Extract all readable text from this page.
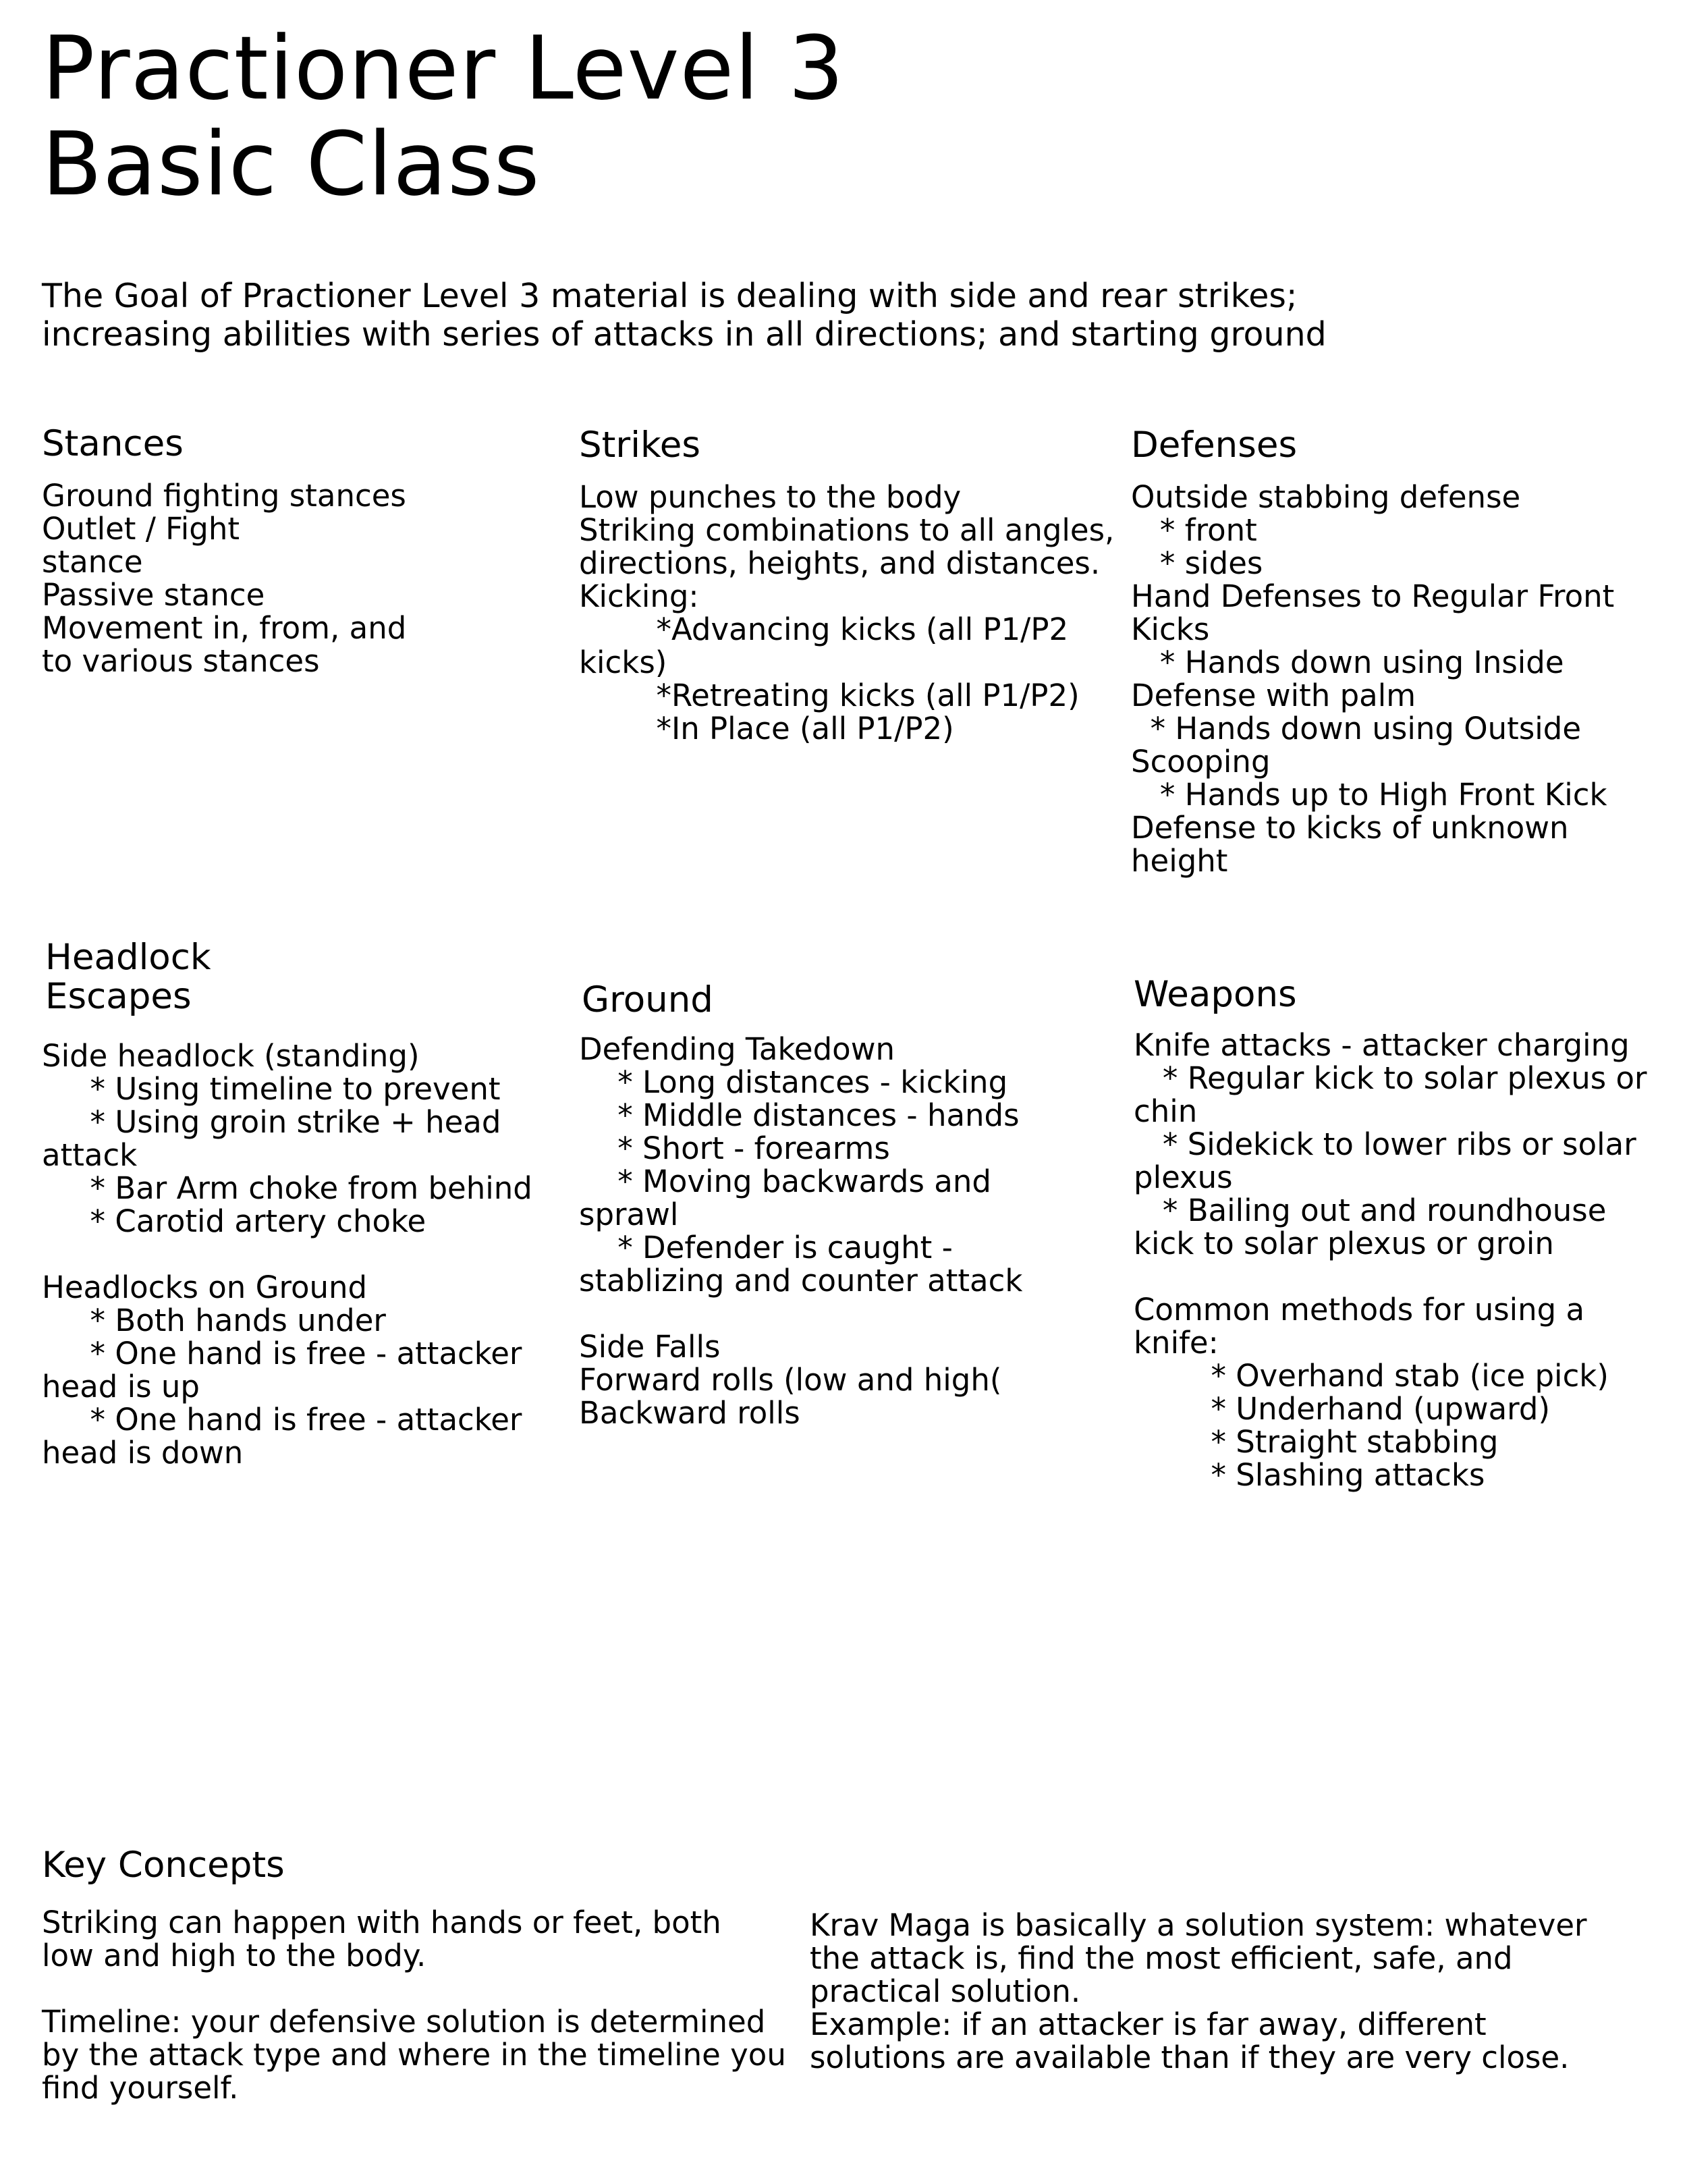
Practioner Level 3
Basic Class
The Goal of Practioner Level 3 material is dealing with side and rear strikes;
increasing abilities with series of attacks in all directions; and starting ground
Stances
Ground fighting stances
Outlet / Fight
stance
Passive stance
Movement in, from, and
to various stances
Strikes
Low punches to the body
Striking combinations to all angles,
directions, heights, and distances.
Kicking:
*Advancing kicks (all P1/P2
kicks)
*Retreating kicks (all P1/P2)
*In Place (all P1/P2)
Defenses
Outside stabbing defense
* front
* sides
Hand Defenses to Regular Front
Kicks
* Hands down using Inside
Defense with palm
* Hands down using Outside
Scooping
* Hands up to High Front Kick
Defense to kicks of unknown
height
Headlock
Escapes
Side headlock (standing)
* Using timeline to prevent
* Using groin strike + head
attack
* Bar Arm choke from behind
* Carotid artery choke
Headlocks on Ground
* Both hands under
* One hand is free - attacker
head is up
* One hand is free - attacker
head is down
Ground
Defending Takedown
* Long distances - kicking
* Middle distances - hands
* Short - forearms
* Moving backwards and
sprawl
* Defender is caught -
stablizing and counter attack
Side Falls
Forward rolls (low and high(
Backward rolls
Weapons
Knife attacks - attacker charging
* Regular kick to solar plexus or
chin
* Sidekick to lower ribs or solar
plexus
* Bailing out and roundhouse
kick to solar plexus or groin
Common methods for using a
knife:
* Overhand stab (ice pick)
* Underhand (upward)
* Straight stabbing
* Slashing attacks
Key Concepts
Striking can happen with hands or feet, both
low and high to the body.
Timeline: your defensive solution is determined
by the attack type and where in the timeline you
find yourself.
Krav Maga is basically a solution system: whatever
the attack is, find the most efficient, safe, and
practical solution.
Example: if an attacker is far away, different
solutions are available than if they are very close.
